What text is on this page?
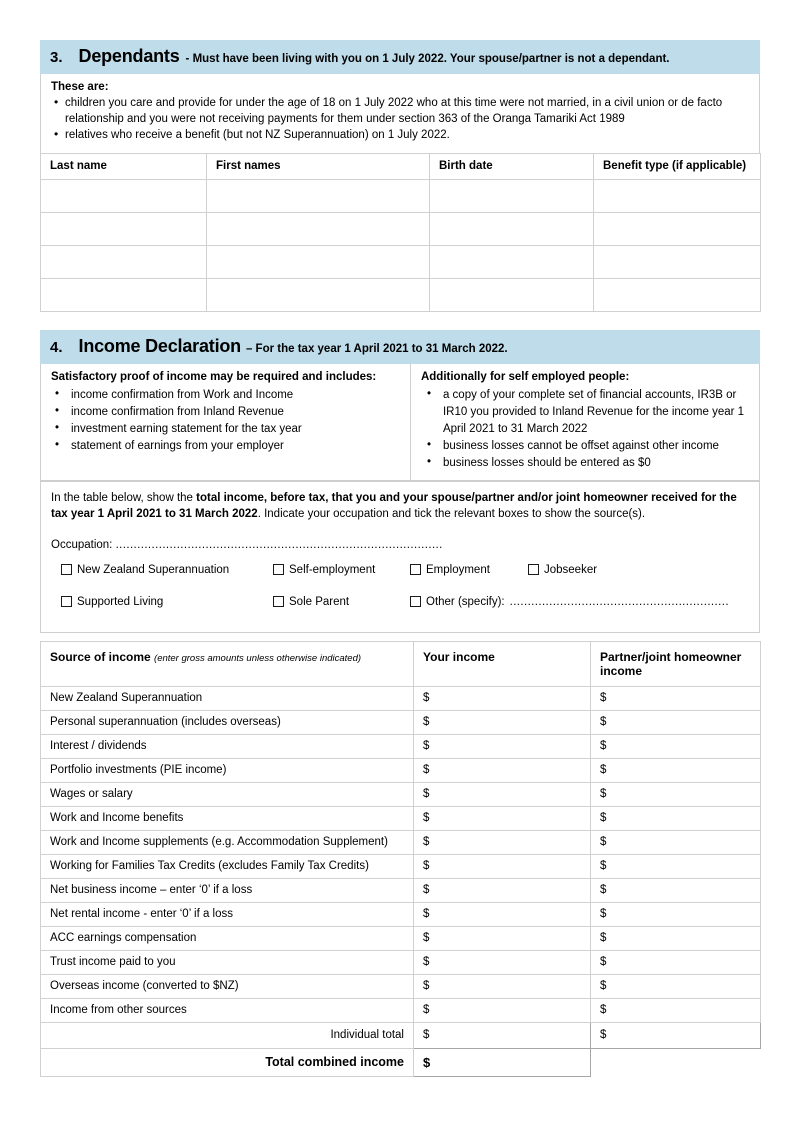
3. Dependants - Must have been living with you on 1 July 2022. Your spouse/partner is not a dependant.

These are:

• children you care and provide for under the age of 18 on 1 July 2022 who at this time were not married, in a civil union or de facto relationship and you were not receiving payments for them under section 363 of the Oranga Tamariki Act 1989
• relatives who receive a benefit (but not NZ Superannuation) on 1 July 2022.
Last name	First names	Birth date	Benefit type (if applicable)

4. Income Declaration – For the tax year 1 April 2021 to 31 March 2022.
Satisfactory proof of income may be required and includes:
• income confirmation from Work and Income
• income confirmation from Inland Revenue
• investment earning statement for the tax year
• statement of earnings from your employer
Additionally for self employed people:
• a copy of your complete set of financial accounts, IR3B or IR10 you provided to Inland Revenue for the income year 1 April 2021 to 31 March 2022
• business losses cannot be offset against other income
• business losses should be entered as $0

In the table below, show the total income, before tax, that you and your spouse/partner and/or joint homeowner received for the tax year 1 April 2021 to 31 March 2022. Indicate your occupation and tick the relevant boxes to show the source(s).

Occupation: ...........................................................................................
New Zealand Superannuation	Self-employment	Employment	Jobseeker
Supported Living	Sole Parent	Other (specify): .............................................................
Source of income (enter gross amounts unless otherwise indicated)	Your income	Partner/joint homeowner income
New Zealand Superannuation	$	$
Personal superannuation (includes overseas)	$	$
Interest / dividends	$	$
Portfolio investments (PIE income)	$	$
Wages or salary	$	$
Work and Income benefits	$	$
Work and Income supplements (e.g. Accommodation Supplement)	$	$
Working for Families Tax Credits (excludes Family Tax Credits)	$	$
Net business income – enter ‘0’ if a loss	$	$
Net rental income - enter ‘0’ if a loss	$	$
ACC earnings compensation	$	$
Trust income paid to you	$	$
Overseas income (converted to $NZ)	$	$
Income from other sources	$	$
Individual total	$	$
Total combined income	$	
